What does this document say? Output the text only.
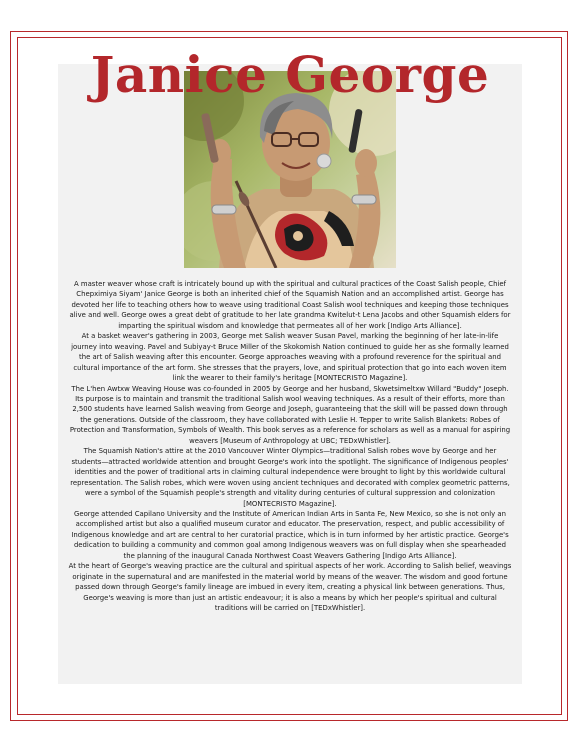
Janice George

A master weaver whose craft is intricately bound up with the spiritual and cultural practices of the Coast Salish people, Chief Chepximiya Siyam' Janice George is both an inherited chief of the Squamish Nation and an accomplished artist. George has devoted her life to teaching others how to weave using traditional Coast Salish wool techniques and keeping those techniques alive and well. George owes a great debt of gratitude to her late grandma Kwitelut-t Lena Jacobs and other Squamish elders for imparting the spiritual wisdom and knowledge that permeates all of her work [Indigo Arts Alliance].

At a basket weaver's gathering in 2003, George met Salish weaver Susan Pavel, marking the beginning of her late-in-life journey into weaving. Pavel and Subiyay-t Bruce Miller of the Skokomish Nation continued to guide her as she formally learned the art of Salish weaving after this encounter. George approaches weaving with a profound reverence for the spiritual and cultural importance of the art form. She stresses that the prayers, love, and spiritual protection that go into each woven item link the wearer to their family's heritage [MONTECRISTO Magazine].

The L'hen Awtxw Weaving House was co-founded in 2005 by George and her husband, Skwetsimeltxw Willard "Buddy" Joseph. Its purpose is to maintain and transmit the traditional Salish wool weaving techniques. As a result of their efforts, more than 2,500 students have learned Salish weaving from George and Joseph, guaranteeing that the skill will be passed down through the generations. Outside of the classroom, they have collaborated with Leslie H. Tepper to write Salish Blankets: Robes of Protection and Transformation, Symbols of Wealth. This book serves as a reference for scholars as well as a manual for aspiring weavers [Museum of Anthropology at UBC; TEDxWhistler].

The Squamish Nation's attire at the 2010 Vancouver Winter Olympics—traditional Salish robes wove by George and her students—attracted worldwide attention and brought George's work into the spotlight. The significance of Indigenous peoples' identities and the power of traditional arts in claiming cultural independence were brought to light by this worldwide cultural representation. The Salish robes, which were woven using ancient techniques and decorated with complex geometric patterns, were a symbol of the Squamish people's strength and vitality during centuries of cultural suppression and colonization [MONTECRISTO Magazine].

George attended Capilano University and the Institute of American Indian Arts in Santa Fe, New Mexico, so she is not only an accomplished artist but also a qualified museum curator and educator. The preservation, respect, and public accessibility of Indigenous knowledge and art are central to her curatorial practice, which is in turn informed by her artistic practice. George's dedication to building a community and common goal among Indigenous weavers was on full display when she spearheaded the planning of the inaugural Canada Northwest Coast Weavers Gathering [Indigo Arts Alliance].

At the heart of George's weaving practice are the cultural and spiritual aspects of her work. According to Salish belief, weavings originate in the supernatural and are manifested in the material world by means of the weaver. The wisdom and good fortune passed down through George's family lineage are imbued in every item, creating a physical link between generations. Thus, George's weaving is more than just an artistic endeavour; it is also a means by which her people's spiritual and cultural traditions will be carried on [TEDxWhistler].
